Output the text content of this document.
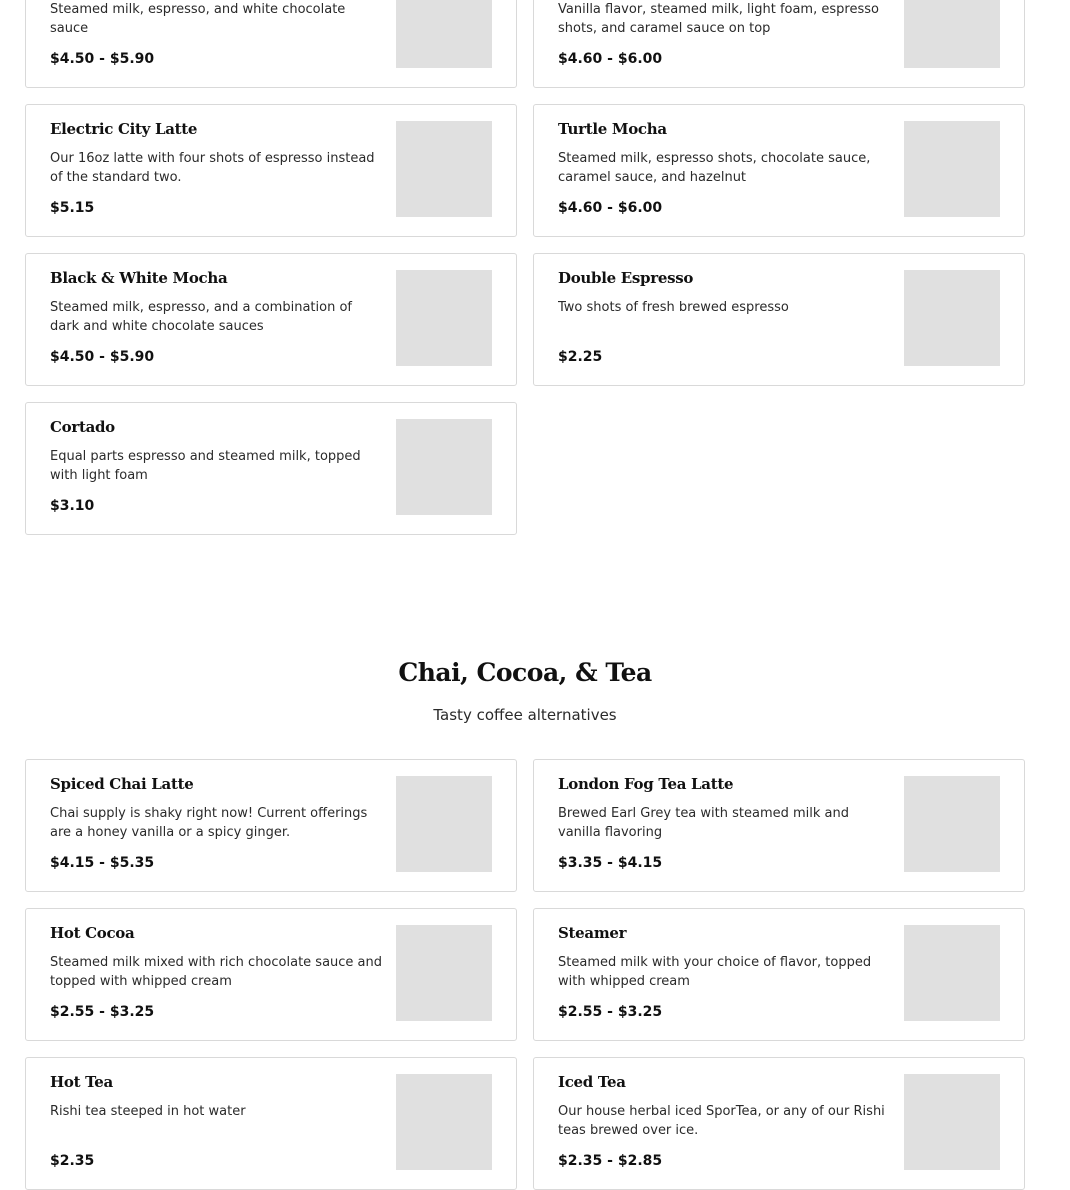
Steamed milk, espresso, and white chocolate sauce
$4.50 - $5.90
Vanilla flavor, steamed milk, light foam, espresso shots, and caramel sauce on top
$4.60 - $6.00
Electric City Latte
Our 16oz latte with four shots of espresso instead of the standard two.
$5.15
Turtle Mocha
Steamed milk, espresso shots, chocolate sauce, caramel sauce, and hazelnut
$4.60 - $6.00
Black & White Mocha
Steamed milk, espresso, and a combination of dark and white chocolate sauces
$4.50 - $5.90
Double Espresso
Two shots of fresh brewed espresso
$2.25
Cortado
Equal parts espresso and steamed milk, topped with light foam
$3.10
Chai, Cocoa, & Tea

Tasty coffee alternatives

Spiced Chai Latte
Chai supply is shaky right now! Current offerings are a honey vanilla or a spicy ginger.
$4.15 - $5.35
London Fog Tea Latte
Brewed Earl Grey tea with steamed milk and vanilla flavoring
$3.35 - $4.15
Hot Cocoa
Steamed milk mixed with rich chocolate sauce and topped with whipped cream
$2.55 - $3.25
Steamer
Steamed milk with your choice of flavor, topped with whipped cream
$2.55 - $3.25
Hot Tea
Rishi tea steeped in hot water
$2.35
Iced Tea
Our house herbal iced SporTea, or any of our Rishi teas brewed over ice.
$2.35 - $2.85
